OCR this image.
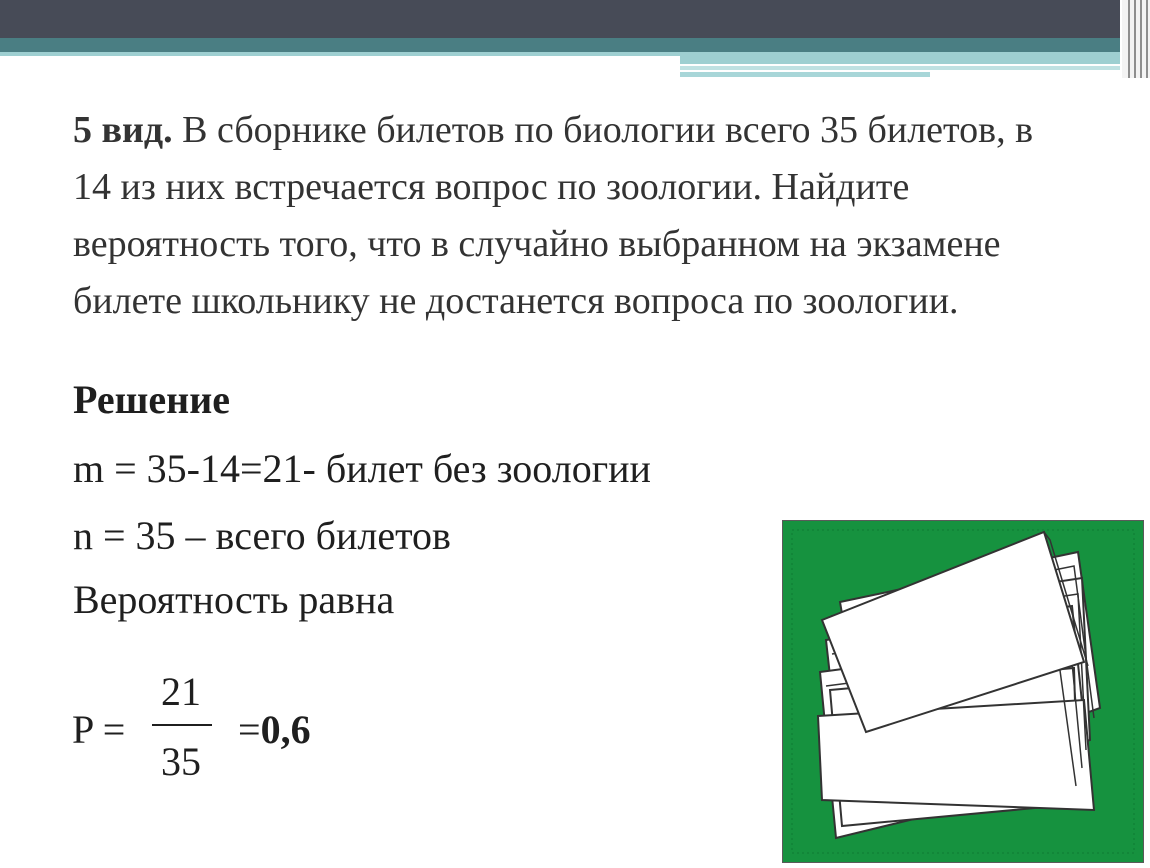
5 вид. В сборнике билетов по биологии всего 35 билетов, в 14 из них встречается вопрос по зоологии. Найдите вероятность того, что в случайно выбранном на экзамене билете школьнику не достанется вопроса по зоологии.
Решение
m = 35-14=21- билет без зоологии
n = 35 – всего билетов
Вероятность равна
P =
21
35
=0,6
